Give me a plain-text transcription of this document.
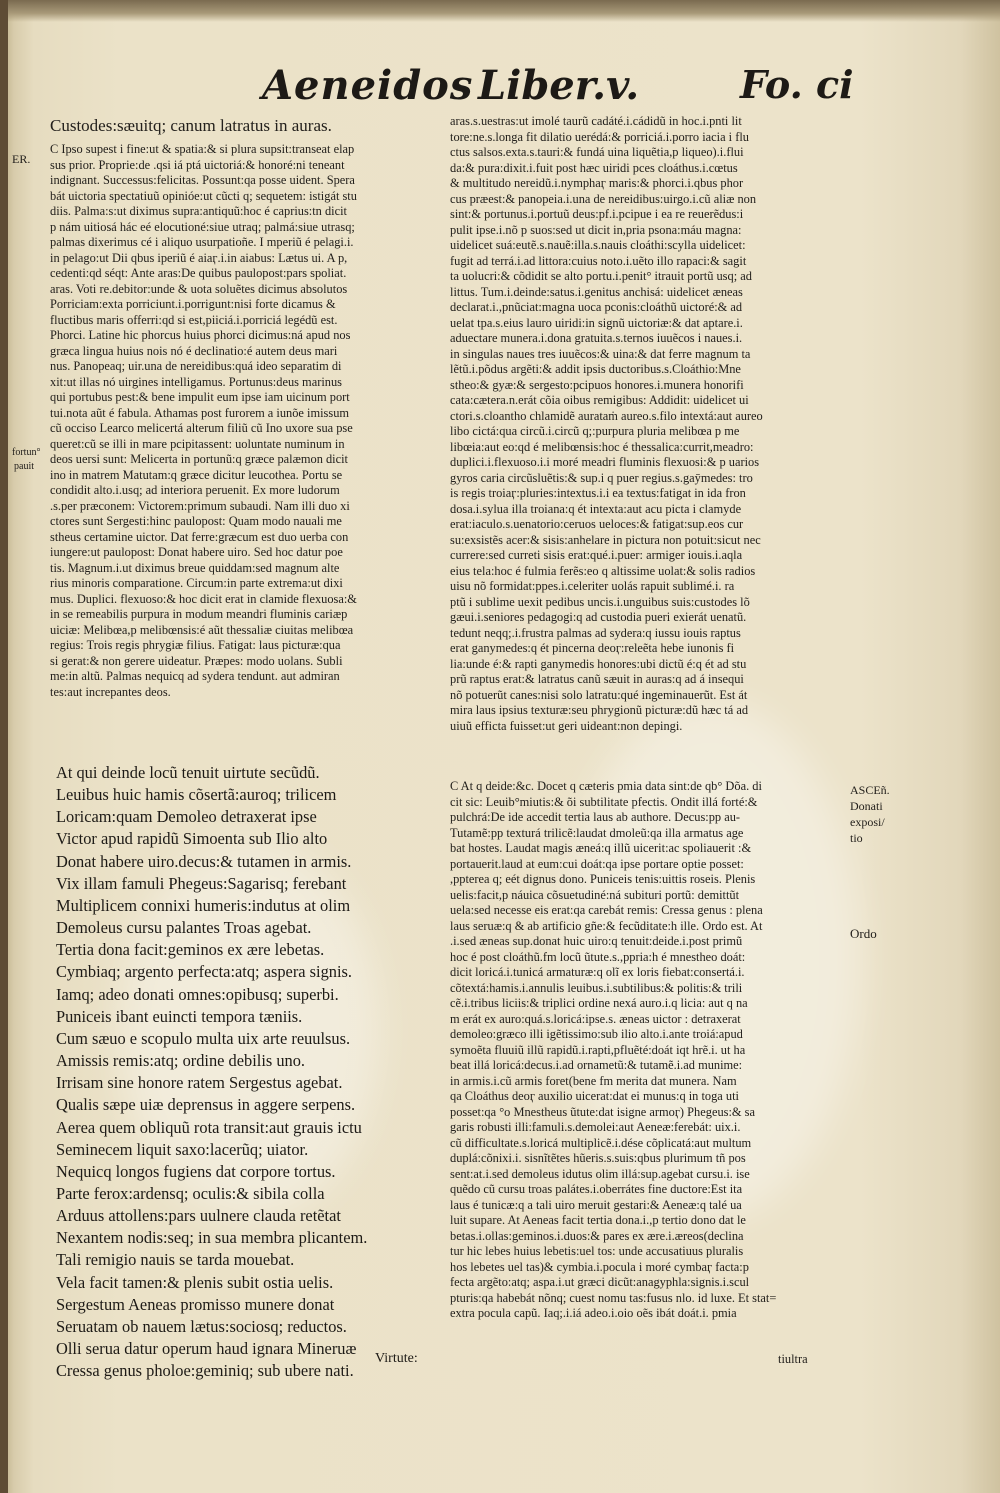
Aeneidos Liber.v.	Fo. ci
ER.
fortun°
pauit
Custodes:sæuitq; canum latratus in auras.
C Ipso supest i fine:ut & spatia:& si plura supsit:transeat elap
sus prior. Proprie:de .qsi iá ptá uictoriá:& honoré:ni teneant
indignant. Successus:felicitas. Possunt:qa posse uident. Spera
bát uictoria spectatiuũ opinióe:ut cũcti q; sequetem: istigát stu
diis. Palma:s:ut diximus supra:antiquũ:hoc é caprius:tn dicit
p nám uitiosá hác eé elocutioné:siue utraq; palmá:siue utrasq;
palmas dixerimus cé i aliquo usurpatioñe. I mperiũ é pelagi.i.
in pelago:ut Dii qbus iperiũ é aiaӷ.i.in aiabus: Lætus ui. A p,
cedenti:qd séqt: Ante aras:De quibus paulopost:pars spoliat.
aras. Voti re.debitor:unde & uota soluẽtes dicimus absolutos
Porriciam:exta porriciunt.i.porrigunt:nisi forte dicamus &
fluctibus maris offerri:qd si est,piiciá.i.porriciá legédũ est.
Phorci. Latine hic phorcus huius phorci dicimus:ná apud nos
græca lingua huius nois nó é declinatio:é autem deus mari
nus. Panopeaq; uir.una de nereidibus:quá ideo separatim di
xit:ut illas nó uirgines intelligamus. Portunus:deus marinus
qui portubus pest:& bene impulit eum ipse iam uicinum port
tui.nota aũt é fabula. Athamas post furorem a iunõe imissum
cũ occiso Learco melicertá alterum filiũ cũ Ino uxore sua pse
queret:cũ se illi in mare pcipitassent: uoluntate numinum in
deos uersi sunt: Melicerta in portunũ:q græce palæmon dicit
ino in matrem Matutam:q græce dicitur leucothea. Portu se
condidit alto.i.usq; ad interiora peruenit. Ex more ludorum
.s.per præconem: Victorem:primum subaudi. Nam illi duo xi
ctores sunt Sergesti:hinc paulopost: Quam modo nauali me
stheus certamine uictor. Dat ferre:græcum est duo uerba con
iungere:ut paulopost: Donat habere uiro. Sed hoc datur poe
tis. Magnum.i.ut diximus breue quiddam:sed magnum alte
rius minoris comparatione. Circum:in parte extrema:ut dixi
mus. Duplici. flexuoso:& hoc dicit erat in clamide flexuosa:&
in se remeabilis purpura in modum meandri fluminis cariæp
uiciæ: Melibœa,p melibœnsis:é aũt thessaliæ ciuitas melibœa
regius: Trois regis phrygiæ filius. Fatigat: laus picturæ:qua
si gerat:& non gerere uideatur. Præpes: modo uolans. Subli
me:in altũ. Palmas nequicq ad sydera tendunt. aut admiran
tes:aut increpantes deos.
At qui deinde locũ tenuit uirtute secũdũ.
Leuibus huic hamis cõsertã:auroq; trilicem
Loricam:quam Demoleo detraxerat ipse
Victor apud rapidũ Simoenta sub Ilio alto
Donat habere uiro.decus:& tutamen in armis.
Vix illam famuli Phegeus:Sagarisq; ferebant
Multiplicem connixi humeris:indutus at olim
Demoleus cursu palantes Troas agebat.
Tertia dona facit:geminos ex ære lebetas.
Cymbiaq; argento perfecta:atq; aspera signis.
Iamq; adeo donati omnes:opibusq; superbi.
Puniceis ibant euincti tempora tæniis.
Cum sæuo e scopulo multa uix arte reuulsus.
Amissis remis:atq; ordine debilis uno.
Irrisam sine honore ratem Sergestus agebat.
Qualis sæpe uiæ deprensus in aggere serpens.
Aerea quem obliquũ rota transit:aut grauis ictu
Seminecem liquit saxo:lacerũq; uiator.
Nequicq longos fugiens dat corpore tortus.
Parte ferox:ardensq; oculis:& sibila colla
Arduus attollens:pars uulnere clauda retẽtat
Nexantem nodis:seq; in sua membra plicantem.
Tali remigio nauis se tarda mouebat.
Vela facit tamen:& plenis subit ostia uelis.
Sergestum Aeneas promisso munere donat
Seruatam ob nauem lætus:sociosq; reductos.
Olli serua datur operum haud ignara Mineruæ
Cressa genus pholoe:geminiq; sub ubere nati.
Virtute:
aras.s.uestras:ut imolé taurũ cadáté.i.cádidũ in hoc.i.pnti lit
tore:ne.s.longa fit dilatio uerédá:& porriciá.i.porro iacia i flu
ctus salsos.exta.s.tauri:& fundá uina liquẽtia,p liqueo).i.flui
da:& pura:dixit.i.fuit post hæc uiridi pces cloáthus.i.cœtus
& multitudo nereidũ.i.nymphaӷ maris:& phorci.i.qbus phor
cus præest:& panopeia.i.una de nereidibus:uirgo.i.cũ aliæ non
sint:& portunus.i.portuũ deus:pf.i.pcipue i ea re reuerẽdus:i
pulit ipse.i.nõ p suos:sed ut dicit in,pria psona:máu magna:
uidelicet suá:eutẽ.s.nauẽ:illa.s.nauis cloáthi:scylla uidelicet:
fugit ad terrá.i.ad littora:cuius noto.i.uẽto illo rapaci:& sagit
ta uolucri:& cõdidit se alto portu.i.penit° itrauit portũ usq; ad
littus. Tum.i.deinde:satus.i.genitus anchisá: uidelicet æneas
declarat.i.,pnũciat:magna uoca pconis:cloáthũ uictoré:& ad
uelat tpa.s.eius lauro uiridi:in signũ uictoriæ:& dat aptare.i.
aduectare munera.i.dona gratuita.s.ternos iuuẽcos i naues.i.
in singulas naues tres iuuẽcos:& uina:& dat ferre magnum ta
lẽtũ.i.põdus argẽti:& addit ipsis ductoribus.s.Cloáthio:Mne
stheo:& gyæ:& sergesto:pcipuos honores.i.munera honorifi
cata:cætera.n.erát cõia oibus remigibus: Addidit: uidelicet ui
ctori.s.cloantho chlamidẽ aurataṁ aureo.s.filo intextá:aut aureo
libo cictá:qua circũ.i.circũ q;:purpura pluria melibœa p me
libœia:aut eo:qd é melibœnsis:hoc é thessalica:currit,meadro:
duplici.i.flexuoso.i.i moré meadri fluminis flexuosi:& p uarios
gyros caria circũsluẽtis:& sup.i q puer regius.s.gaӯmedes: tro
is regis troiaӷ:pluries:intextus.i.i ea textus:fatigat in ida fron
dosa.i.sylua illa troiana:q ét intexta:aut acu picta i clamyde
erat:iaculo.s.uenatorio:ceruos ueloces:& fatigat:sup.eos cur
su:exsistẽs acer:& sisis:anhelare in pictura non potuit:sicut nec
currere:sed curreti sisis erat:qué.i.puer: armiger iouis.i.aqla
eius tela:hoc é fulmia ferẽs:eo q altissime uolat:& solis radios
uisu nõ formidat:ppes.i.celeriter uolás rapuit sublimé.i. ra
ptũ i sublime uexit pedibus uncis.i.unguibus suis:custodes lõ
gæui.i.seniores pedagogi:q ad custodia pueri exierát uenatũ.
tedunt neqq;.i.frustra palmas ad sydera:q iussu iouis raptus
erat ganymedes:q ét pincerna deoӷ:releẽta hebe iunonis fi
lia:unde é:& rapti ganymedis honores:ubi dictũ é:q ét ad stu
prũ raptus erat:& latratus canũ sæuit in auras:q ad á insequi
nõ potuerũt canes:nisi solo latratu:qué ingeminauerũt. Est át
mira laus ipsius texturæ:seu phrygionũ picturæ:dũ hæc tá ad
uiuũ efficta fuisset:ut geri uideant:non depingi.
C At q deide:&c. Docet q cæteris pmia data sint:de qb° Dõa. di
cit sic: Leuib°miutis:& õi subtilitate pfectis. Ondit illá forté:&
pulchrá:De ide accedit tertia laus ab authore. Decus:pp au-
Tutamẽ:pp texturá trilicẽ:laudat dmoleũ:qa illa armatus age
bat hostes. Laudat magis æneá:q illũ uicerit:ac spoliauerit :&
portauerit.laud at eum:cui doát:qa ipse portare optie posset:
,ppterea q; eét dignus dono. Puniceis tenis:uittis roseis. Plenis
uelis:facit,p náuica cõsuetudiné:ná subituri portũ: demittũt
uela:sed necesse eis erat:qa carebát remis: Cressa genus : plena
laus seruæ:q & ab artificio gñe:& fecũditate:h ille. Ordo est. At
.i.sed æneas sup.donat huic uiro:q tenuit:deide.i.post primũ
hoc é post cloáthũ.fm locũ ũtute.s.,ppria:h é mnestheo doát:
dicit loricá.i.tunicá armaturæ:q olĩ ex loris fiebat:consertá.i.
cõtextá:hamis.i.annulis leuibus.i.subtilibus:& politis:& trili
cẽ.i.tribus liciis:& triplici ordine nexá auro.i.q licia: aut q na
m erát ex auro:quá.s.loricá:ipse.s. æneas uictor : detraxerat
demoleo:græco illi igẽtissimo:sub ilio alto.i.ante troiá:apud
symoẽta fluuiũ illũ rapidũ.i.rapti,pfluẽté:doát iqt hrẽ.i. ut ha
beat illá loricá:decus.i.ad ornametũ:& tutamẽ.i.ad munime:
in armis.i.cũ armis foret(bene fm merita dat munera. Nam
qa Cloáthus deoӷ auxilio uicerat:dat ei munus:q in toga uti
posset:qa °o Mnestheus ũtute:dat isigne armoӷ) Phegeus:& sa
garis robusti illi:famuli.s.demolei:aut Aeneæ:ferebát: uix.i.
cũ difficultate.s.loricá multiplicẽ.i.dése cõplicatá:aut multum
duplá:cõnixi.i. sisnĩtẽtes hũeris.s.suis:qbus plurimum tñ pos
sent:at.i.sed demoleus idutus olim illá:sup.agebat cursu.i. ise
quẽdo cũ cursu troas palátes.i.oberrátes fine ductore:Est ita
laus é tunicæ:q a tali uiro meruit gestari:& Aeneæ:q talé ua
luit supare. At Aeneas facit tertia dona.i.,p tertio dono dat le
betas.i.ollas:geminos.i.duos:& pares ex ære.i.æreos(declina
tur hic lebes huius lebetis:uel tos: unde accusatiuus pluralis
hos lebetes uel tas)& cymbia.i.pocula i moré cymbaӷ facta:p
fecta argẽto:atq; aspa.i.ut græci dicũt:anagyphla:signis.i.scul
pturis:qa habebát nõnq; cuest nomu tas:fusus nlo. id luxe. Et stat=
extra pocula capũ. Iaq;.i.iá adeo.i.oio oẽs ibát doát.i. pmia
tiultra
ASCEñ.
Donati
exposi/
tio
Ordo
